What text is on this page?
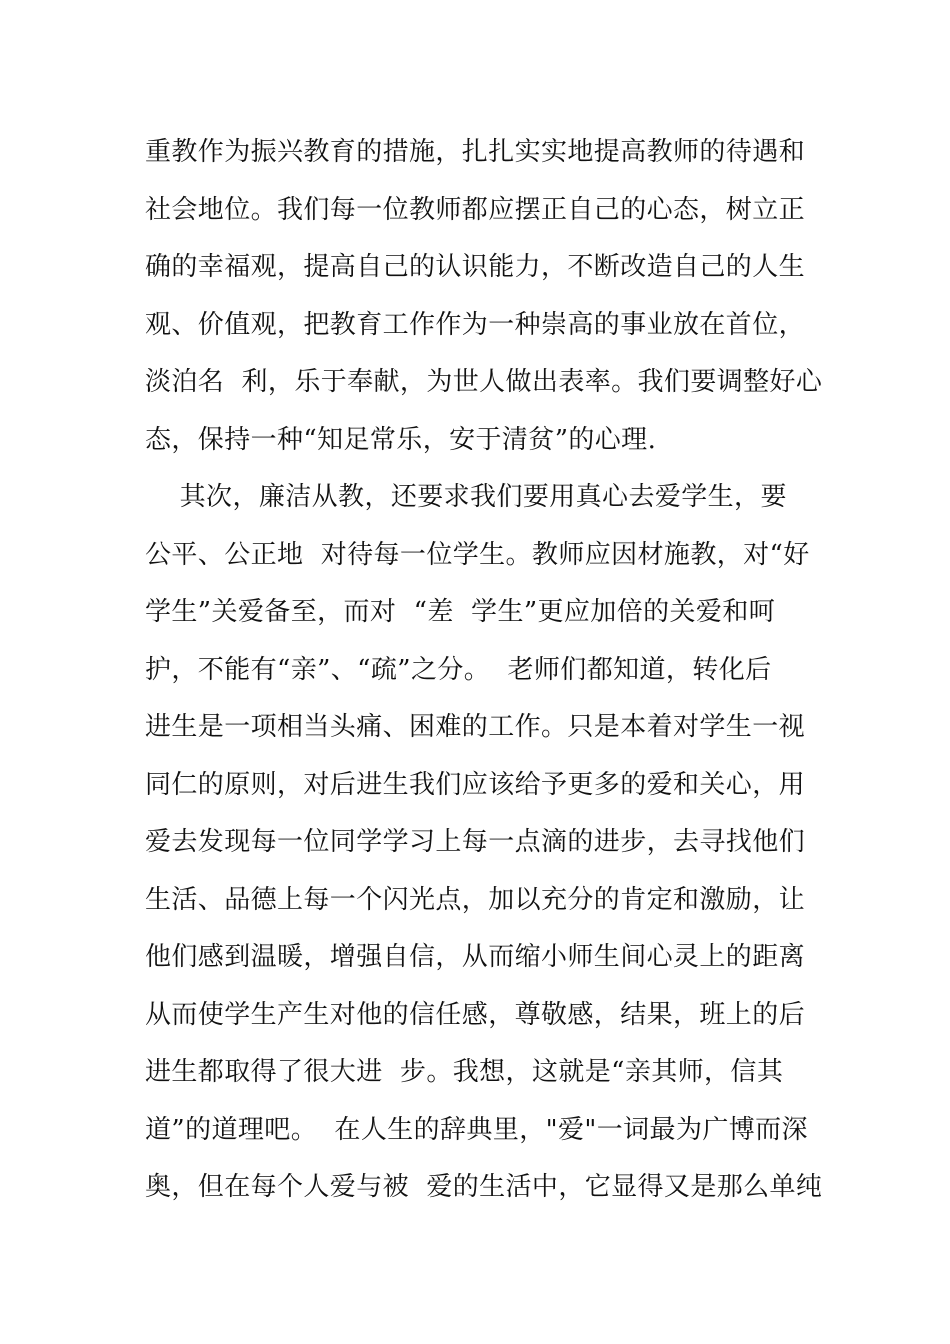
重教作为振兴教育的措施，扎扎实实地提高教师的待遇和
社会地位。我们每一位教师都应摆正自己的心态，树立正
确的幸福观，提高自己的认识能力，不断改造自己的人生
观、价值观，把教育工作作为一种崇高的事业放在首位，
淡泊名  利，乐于奉献，为世人做出表率。我们要调整好心
态，保持一种“知足常乐，安于清贫”的心理.
其次，廉洁从教，还要求我们要用真心去爱学生，要
公平、公正地  对待每一位学生。教师应因材施教，对“好
学生”关爱备至，而对  “差  学生”更应加倍的关爱和呵
护，不能有“亲”、“疏”之分。  老师们都知道，转化后
进生是一项相当头痛、困难的工作。只是本着对学生一视
同仁的原则，对后进生我们应该给予更多的爱和关心，用
爱去发现每一位同学学习上每一点滴的进步，去寻找他们
生活、品德上每一个闪光点，加以充分的肯定和激励，让
他们感到温暖，增强自信，从而缩小师生间心灵上的距离
从而使学生产生对他的信任感，尊敬感，结果，班上的后
进生都取得了很大进  步。我想，这就是“亲其师，信其
道”的道理吧。  在人生的辞典里，"爱"一词最为广博而深
奥，但在每个人爱与被  爱的生活中，它显得又是那么单纯
